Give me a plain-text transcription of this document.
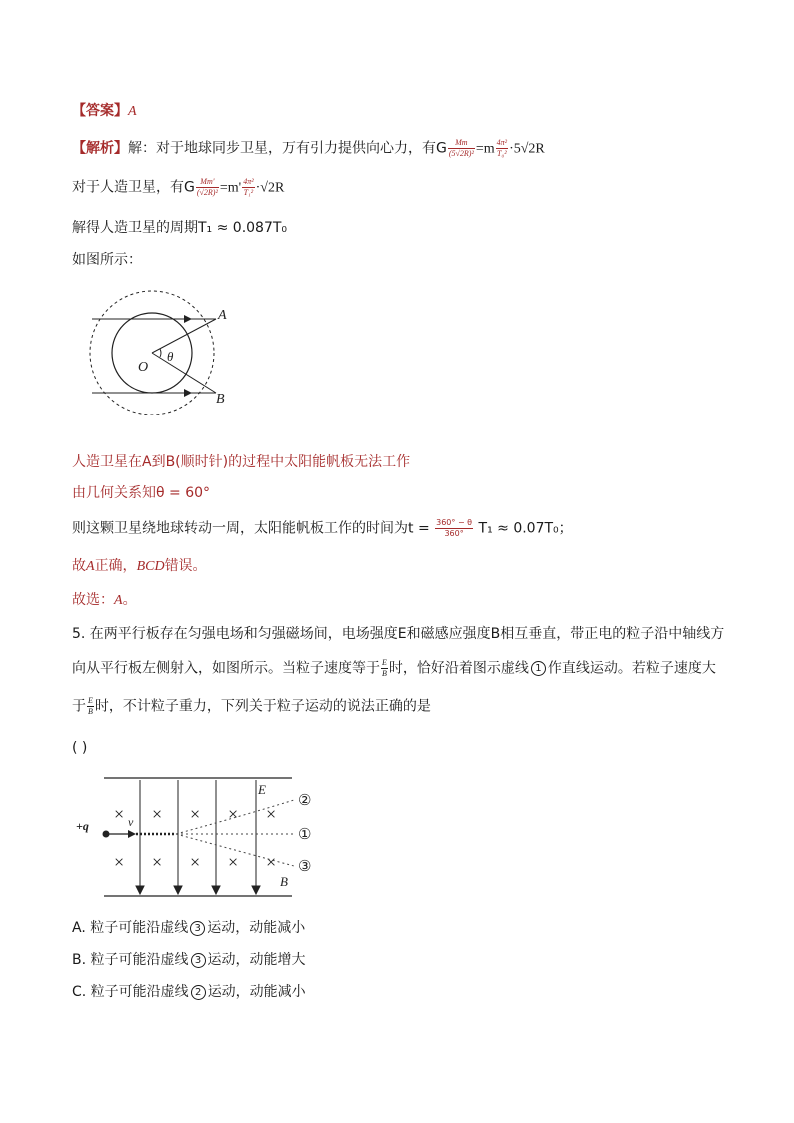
【答案】A
【解析】解：对于地球同步卫星，万有引力提供向心力，有G $\frac{Mm}{\text{(5√2R)²}} =m \frac{\text{4π²}}{\text{T₀²}} \cdot 5√2R$
对于人造卫星，有G $\frac{Mm'}{\text{(√2R)²}} =m' \frac{\text{4π²}}{\text{T₁²}} \cdot√2R$
解得人造卫星的周期T₁ ≈ 0.087T₀
如图所示：
A
B
O
θ
人造卫星在A到B(顺时针)的过程中太阳能帆板无法工作
由几何关系知θ = 60°
则这颗卫星绕地球转动一周，太阳能帆板工作的时间为$t = \frac{360^\circ - \theta}{360^\circ} T_1 \approx 0.07T_0$；
故A正确，BCD错误。
故选：A。
5. 在两平行板存在匀强电场和匀强磁场间，电场强度E和磁感应强度B相互垂直，带正电的粒子沿中轴线方
向从平行板左侧射入，如图所示。当粒子速度等于 $\frac{E}{B}$ 时，恰好沿着图示虚线 1 作直线运动。若粒子速度大
于 $\frac{E}{B}$ 时，不计粒子重力，下列关于粒子运动的说法正确的是
( )
× × × × ×
× × × × ×
+q	v
E
B
②
①
③
A. 粒子可能沿虚线 3 运动，动能减小
B. 粒子可能沿虚线 3 运动，动能增大
C. 粒子可能沿虚线 2 运动，动能减小
